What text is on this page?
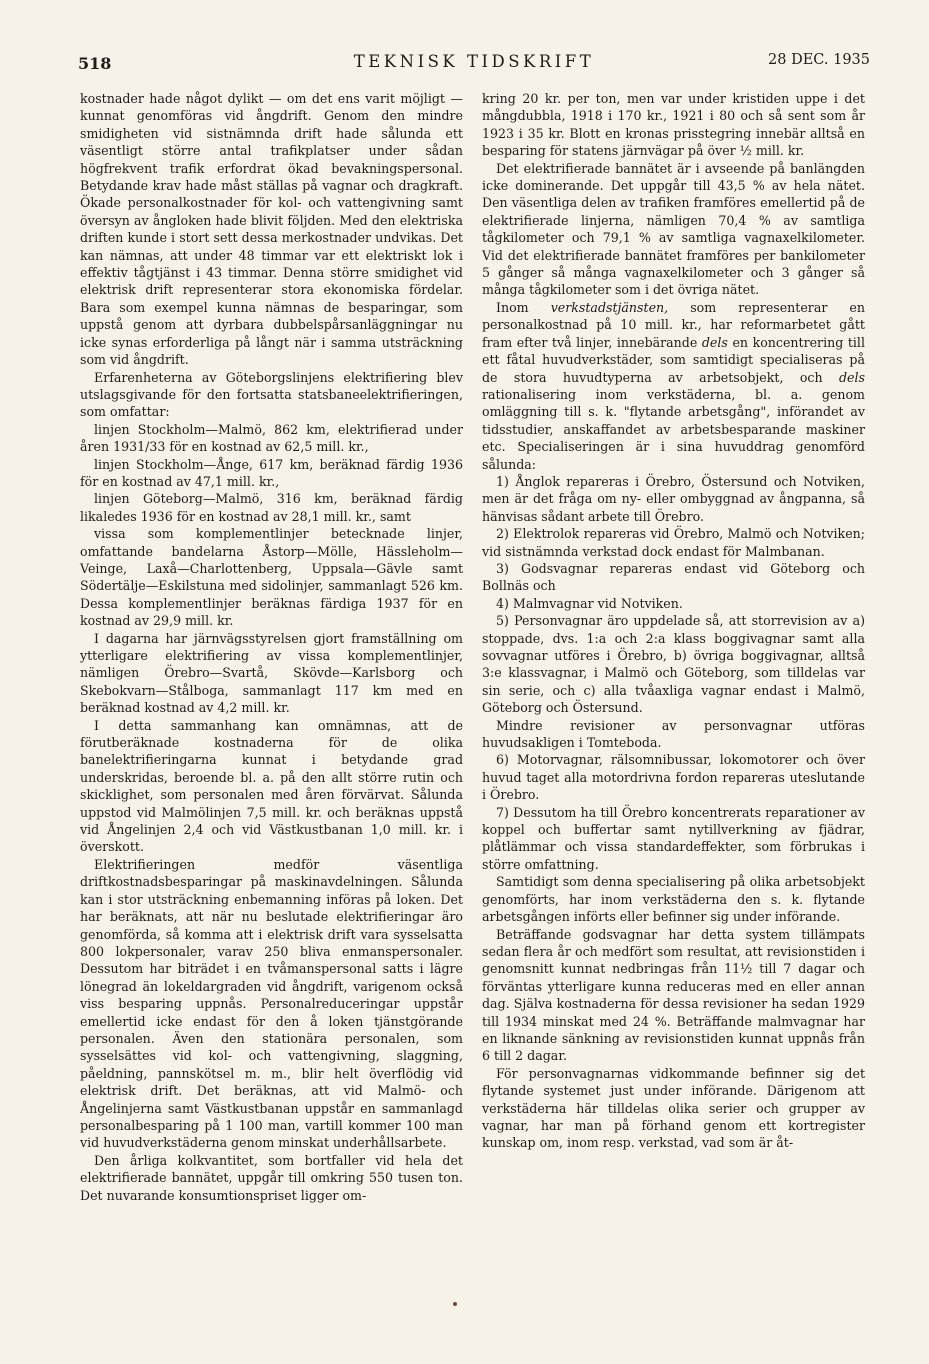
518	TEKNISK TIDSKRIFT	28 DEC. 1935

kostnader hade något dylikt — om det ens varit möjligt — kunnat genomföras vid ångdrift. Genom den mindre smidigheten vid sistnämnda drift hade sålunda ett väsentligt större antal trafikplatser under sådan högfrekvent trafik erfordrat ökad bevakningspersonal. Betydande krav hade måst ställas på vagnar och dragkraft. Ökade personalkostnader för kol- och vattengivning samt översyn av ångloken hade blivit följden. Med den elektriska driften kunde i stort sett dessa merkostnader undvikas. Det kan nämnas, att under 48 timmar var ett elektriskt lok i effektiv tågtjänst i 43 timmar. Denna större smidighet vid elektrisk drift representerar stora ekonomiska fördelar. Bara som exempel kunna nämnas de besparingar, som uppstå genom att dyrbara dubbelspårsanläggningar nu icke synas erforderliga på långt när i samma utsträckning som vid ångdrift.

Erfarenheterna av Göteborgslinjens elektrifiering blev utslagsgivande för den fortsatta statsbaneelektrifieringen, som omfattar:

linjen Stockholm—Malmö, 862 km, elektrifierad under åren 1931/33 för en kostnad av 62,5 mill. kr.,

linjen Stockholm—Ånge, 617 km, beräknad färdig 1936 för en kostnad av 47,1 mill. kr.,

linjen Göteborg—Malmö, 316 km, beräknad färdig likaledes 1936 för en kostnad av 28,1 mill. kr., samt

vissa som komplementlinjer betecknade linjer, omfattande bandelarna Åstorp—Mölle, Hässleholm—Veinge, Laxå—Charlottenberg, Uppsala—Gävle samt Södertälje—Eskilstuna med sidolinjer, sammanlagt 526 km. Dessa komplementlinjer beräknas färdiga 1937 för en kostnad av 29,9 mill. kr.

I dagarna har järnvägsstyrelsen gjort framställning om ytterligare elektrifiering av vissa komplementlinjer, nämligen Örebro—Svartå, Skövde—Karlsborg och Skebokvarn—Stålboga, sammanlagt 117 km med en beräknad kostnad av 4,2 mill. kr.

I detta sammanhang kan omnämnas, att de förutberäknade kostnaderna för de olika banelektrifieringarna kunnat i betydande grad underskridas, beroende bl. a. på den allt större rutin och skicklighet, som personalen med åren förvärvat. Sålunda uppstod vid Malmölinjen 7,5 mill. kr. och beräknas uppstå vid Ångelinjen 2,4 och vid Västkustbanan 1,0 mill. kr. i överskott.

Elektrifieringen medför väsentliga driftkostnadsbesparingar på maskinavdelningen. Sålunda kan i stor utsträckning enbemanning införas på loken. Det har beräknats, att när nu beslutade elektrifieringar äro genomförda, så komma att i elektrisk drift vara sysselsatta 800 lokpersonaler, varav 250 bliva enmanspersonaler. Dessutom har biträdet i en tvåmanspersonal satts i lägre lönegrad än lokeldargraden vid ångdrift, varigenom också viss besparing uppnås. Personalreduceringar uppstår emellertid icke endast för den å loken tjänstgörande personalen. Även den stationära personalen, som sysselsättes vid kol- och vattengivning, slaggning, påeldning, pannskötsel m. m., blir helt överflödig vid elektrisk drift. Det beräknas, att vid Malmö- och Ångelinjerna samt Västkustbanan uppstår en sammanlagd personalbesparing på 1 100 man, vartill kommer 100 man vid huvudverkstäderna genom minskat underhållsarbete.

Den årliga kolkvantitet, som bortfaller vid hela det elektrifierade bannätet, uppgår till omkring 550 tusen ton. Det nuvarande konsumtionspriset ligger om-

kring 20 kr. per ton, men var under kristiden uppe i det mångdubbla, 1918 i 170 kr., 1921 i 80 och så sent som år 1923 i 35 kr. Blott en kronas prisstegring innebär alltså en besparing för statens järnvägar på över ½ mill. kr.

Det elektrifierade bannätet är i avseende på banlängden icke dominerande. Det uppgår till 43,5 % av hela nätet. Den väsentliga delen av trafiken framföres emellertid på de elektrifierade linjerna, nämligen 70,4 % av samtliga tågkilometer och 79,1 % av samtliga vagnaxelkilometer. Vid det elektrifierade bannätet framföres per bankilometer 5 gånger så många vagnaxelkilometer och 3 gånger så många tågkilometer som i det övriga nätet.

Inom verkstadstjänsten, som representerar en personalkostnad på 10 mill. kr., har reformarbetet gått fram efter två linjer, innebärande dels en koncentrering till ett fåtal huvudverkstäder, som samtidigt specialiseras på de stora huvudtyperna av arbetsobjekt, och dels rationalisering inom verkstäderna, bl. a. genom omläggning till s. k. "flytande arbetsgång", införandet av tidsstudier, anskaffandet av arbetsbesparande maskiner etc. Specialiseringen är i sina huvuddrag genomförd sålunda:

1) Ånglok repareras i Örebro, Östersund och Notviken, men är det fråga om ny- eller ombyggnad av ångpanna, så hänvisas sådant arbete till Örebro.

2) Elektrolok repareras vid Örebro, Malmö och Notviken; vid sistnämnda verkstad dock endast för Malmbanan.

3) Godsvagnar repareras endast vid Göteborg och Bollnäs och

4) Malmvagnar vid Notviken.

5) Personvagnar äro uppdelade så, att storrevision av a) stoppade, dvs. 1:a och 2:a klass boggivagnar samt alla sovvagnar utföres i Örebro, b) övriga boggivagnar, alltså 3:e klassvagnar, i Malmö och Göteborg, som tilldelas var sin serie, och c) alla tvåaxliga vagnar endast i Malmö, Göteborg och Östersund.

Mindre revisioner av personvagnar utföras huvudsakligen i Tomteboda.

6) Motorvagnar, rälsomnibussar, lokomotorer och över huvud taget alla motordrivna fordon repareras uteslutande i Örebro.

7) Dessutom ha till Örebro koncentrerats reparationer av koppel och buffertar samt nytillverkning av fjädrar, plåtlämmar och vissa standardeffekter, som förbrukas i större omfattning.

Samtidigt som denna specialisering på olika arbetsobjekt genomförts, har inom verkstäderna den s. k. flytande arbetsgången införts eller befinner sig under införande.

Beträffande godsvagnar har detta system tillämpats sedan flera år och medfört som resultat, att revisionstiden i genomsnitt kunnat nedbringas från 11½ till 7 dagar och förväntas ytterligare kunna reduceras med en eller annan dag. Själva kostnaderna för dessa revisioner ha sedan 1929 till 1934 minskat med 24 %. Beträffande malmvagnar har en liknande sänkning av revisionstiden kunnat uppnås från 6 till 2 dagar.

För personvagnarnas vidkommande befinner sig det flytande systemet just under införande. Därigenom att verkstäderna här tilldelas olika serier och grupper av vagnar, har man på förhand genom ett kortregister kunskap om, inom resp. verkstad, vad som är åt-
